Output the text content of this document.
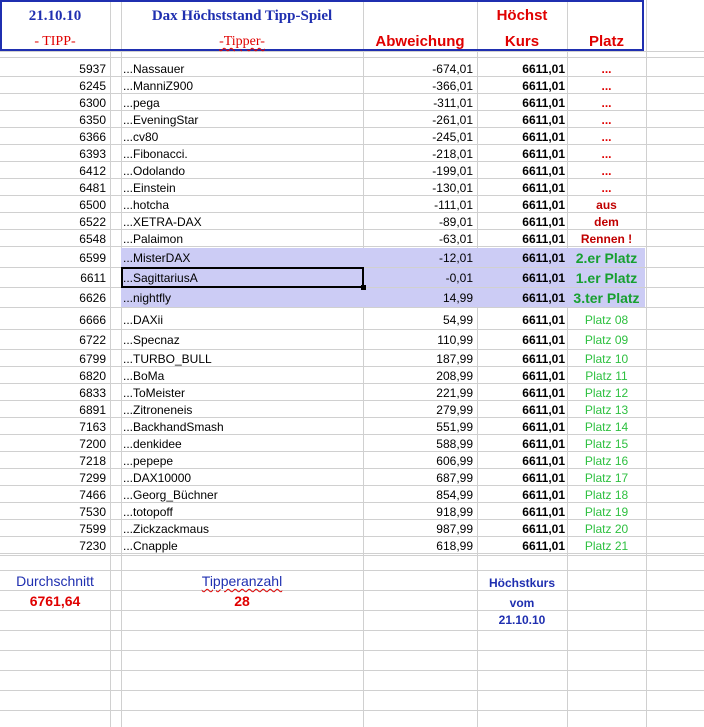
21.10.10	Dax Höchststand Tipp-Spiel	Höchst
- TIPP-	-Tipper-	Abweichung	Kurs	Platz
5937 ...Nassauer	-674,01	6611,01	...
6245 ...ManniZ900	-366,01	6611,01	...
6300 ...pega	-311,01	6611,01	...
6350 ...EveningStar	-261,01	6611,01	...
6366 ...cv80	-245,01	6611,01	...
6393 ...Fibonacci.	-218,01	6611,01	...
6412 ...Odolando	-199,01	6611,01	...
6481 ...Einstein	-130,01	6611,01	...
6500 ...hotcha	-111,01	6611,01	aus
6522 ...XETRA-DAX	-89,01	6611,01	dem
6548 ...Palaimon	-63,01	6611,01	Rennen !
6599 ...MisterDAX	-12,01	6611,01 2.er Platz
6611 ...SagittariusA	-0,01	6611,01 1.er Platz
6626 ...nightfly	14,99	6611,01 3.ter Platz
6666 ...DAXii	54,99	6611,01	Platz 08
6722 ...Specnaz	110,99	6611,01	Platz 09
6799 ...TURBO_BULL	187,99	6611,01	Platz 10
6820 ...BoMa	208,99	6611,01	Platz 11
6833 ...ToMeister	221,99	6611,01	Platz 12
6891 ...Zitroneneis	279,99	6611,01	Platz 13
7163 ...BackhandSmash	551,99	6611,01	Platz 14
7200 ...denkidee	588,99	6611,01	Platz 15
7218 ...pepepe	606,99	6611,01	Platz 16
7299 ...DAX10000	687,99	6611,01	Platz 17
7466 ...Georg_Büchner	854,99	6611,01	Platz 18
7530 ...totopoff	918,99	6611,01	Platz 19
7599 ...Zickzackmaus	987,99	6611,01	Platz 20
7230 ...Cnapple	618,99	6611,01	Platz 21
Durchschnitt
6761,64
Tipperanzahl
28
Höchstkurs
vom
21.10.10
